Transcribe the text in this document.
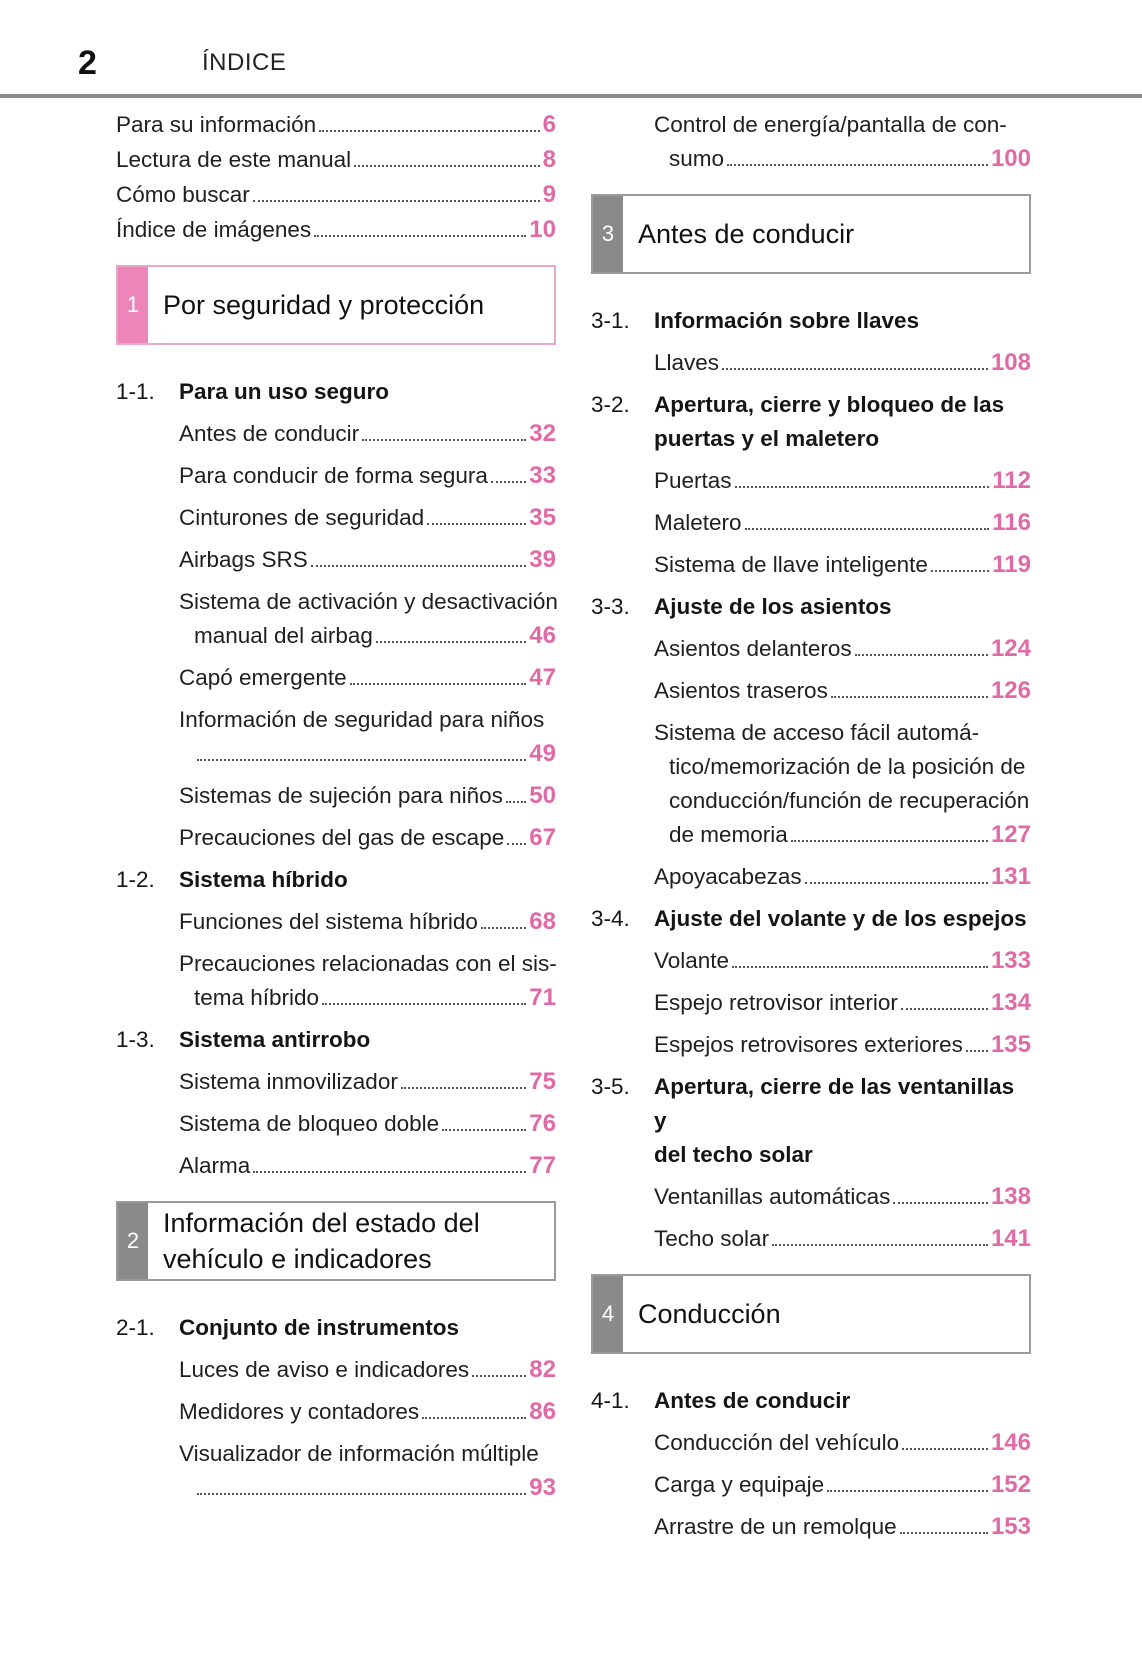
2	ÍNDICE
Para su información	6
Lectura de este manual	8
Cómo buscar	9
Índice de imágenes	10
1 Por seguridad y protección
1-1.	Para un uso seguro
Antes de conducir	32
Para conducir de forma segura 33
Cinturones de seguridad	35
Airbags SRS	39
Sistema de activación y desactivación
manual del airbag	46
Capó emergente	47
Información de seguridad para niños
49
Sistemas de sujeción para niños 50
Precauciones del gas de escape 67
1-2.	Sistema híbrido
Funciones del sistema híbrido 68
Precauciones relacionadas con el sis-
tema híbrido	71
1-3.	Sistema antirrobo
Sistema inmovilizador	75
Sistema de bloqueo doble	76
Alarma	77
2
Información del estado del
vehículo e indicadores
2-1.	Conjunto de instrumentos
Luces de aviso e indicadores	82
Medidores y contadores	86
Visualizador de información múltiple
93
Control de energía/pantalla de con-
sumo	100
3 Antes de conducir
3-1.	Información sobre llaves
Llaves	108
3-2.	Apertura, cierre y bloqueo de las
puertas y el maletero
Puertas	112
Maletero	116
Sistema de llave inteligente	119
3-3.	Ajuste de los asientos
Asientos delanteros	124
Asientos traseros	126
Sistema de acceso fácil automá-
tico/memorización de la posición de
conducción/función de recuperación
de memoria	127
Apoyacabezas	131
3-4.	Ajuste del volante y de los espejos
Volante	133
Espejo retrovisor interior	134
Espejos retrovisores exteriores 135
3-5.	Apertura, cierre de las ventanillas y
del techo solar
Ventanillas automáticas	138
Techo solar	141
4 Conducción
4-1.	Antes de conducir
Conducción del vehículo	146
Carga y equipaje	152
Arrastre de un remolque	153
